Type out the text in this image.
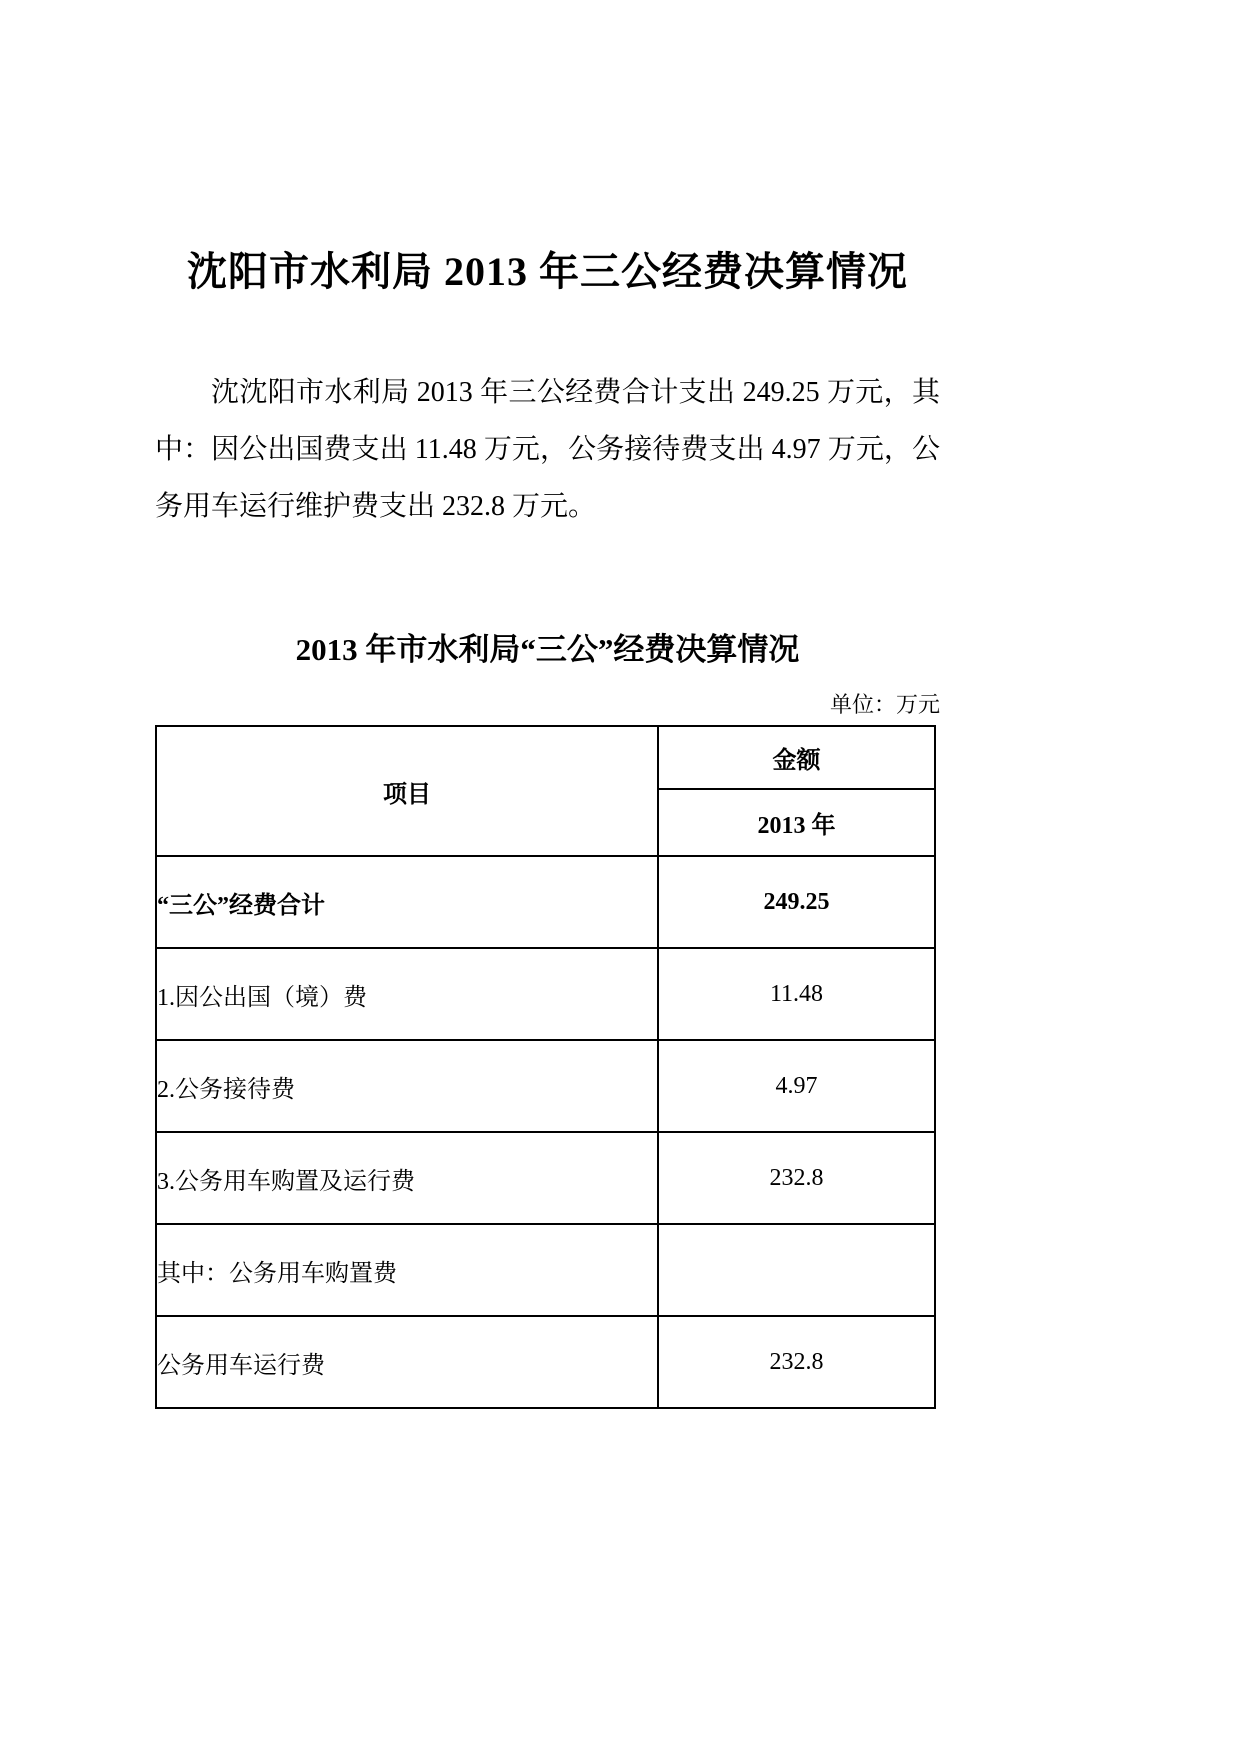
沈阳市水利局 2013 年三公经费决算情况

沈沈阳市水利局 2013 年三公经费合计支出 249.25 万元，其中：因公出国费支出 11.48 万元，公务接待费支出 4.97 万元，公务用车运行维护费支出 232.8 万元。

2013 年市水利局“三公”经费决算情况
单位：万元
项目	金额
	2013 年
“三公”经费合计	249.25
1.因公出国（境）费	11.48
2.公务接待费	4.97
3.公务用车购置及运行费	232.8
其中：公务用车购置费	
公务用车运行费	232.8
